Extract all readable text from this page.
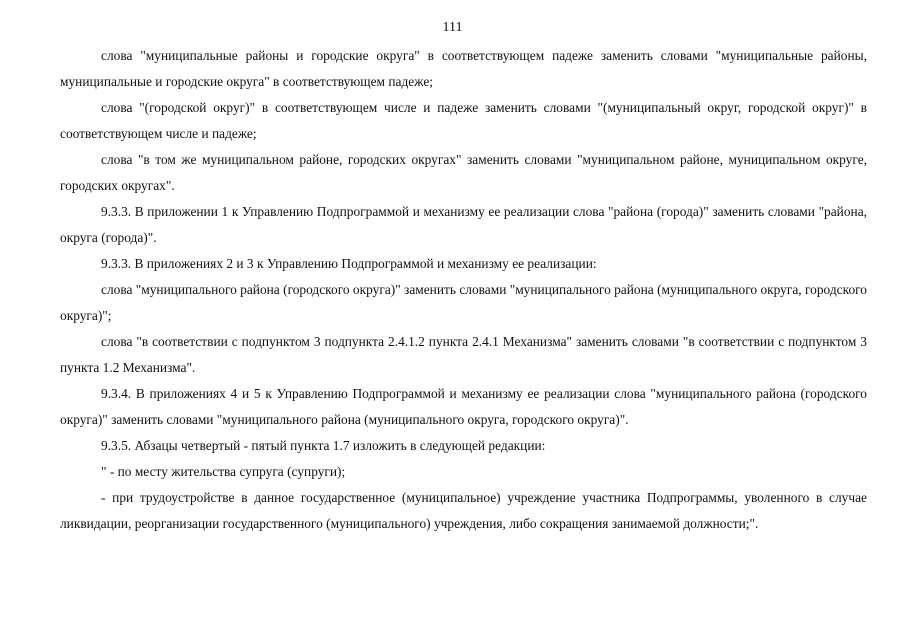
111

слова "муниципальные районы и городские округа" в соответствующем падеже заменить словами "муниципальные районы, муниципальные и городские округа" в соответствующем падеже;

слова "(городской округ)" в соответствующем числе и падеже заменить словами "(муниципальный округ, городской округ)" в соответствующем числе и падеже;

слова "в том же муниципальном районе, городских округах" заменить словами "муниципальном районе, муниципальном округе, городских округах".

9.3.3. В приложении 1 к Управлению Подпрограммой и механизму ее реализации слова "района (города)" заменить словами "района, округа (города)".

9.3.3. В приложениях 2 и 3 к Управлению Подпрограммой и механизму ее реализации:

слова "муниципального района (городского округа)" заменить словами "муниципального района (муниципального округа, городского округа)";

слова "в соответствии с подпунктом 3 подпункта 2.4.1.2 пункта 2.4.1 Механизма" заменить словами "в соответствии с подпунктом 3 пункта 1.2 Механизма".

9.3.4. В приложениях 4 и 5 к Управлению Подпрограммой и механизму ее реализации слова "муниципального района (городского округа)" заменить словами "муниципального района (муниципального округа, городского округа)".

9.3.5. Абзацы четвертый - пятый пункта 1.7 изложить в следующей редакции:

" - по месту жительства супруга (супруги);

- при трудоустройстве в данное государственное (муниципальное) учреждение участника Подпрограммы, уволенного в случае ликвидации, реорганизации государственного (муниципального) учреждения, либо сокращения занимаемой должности;".
